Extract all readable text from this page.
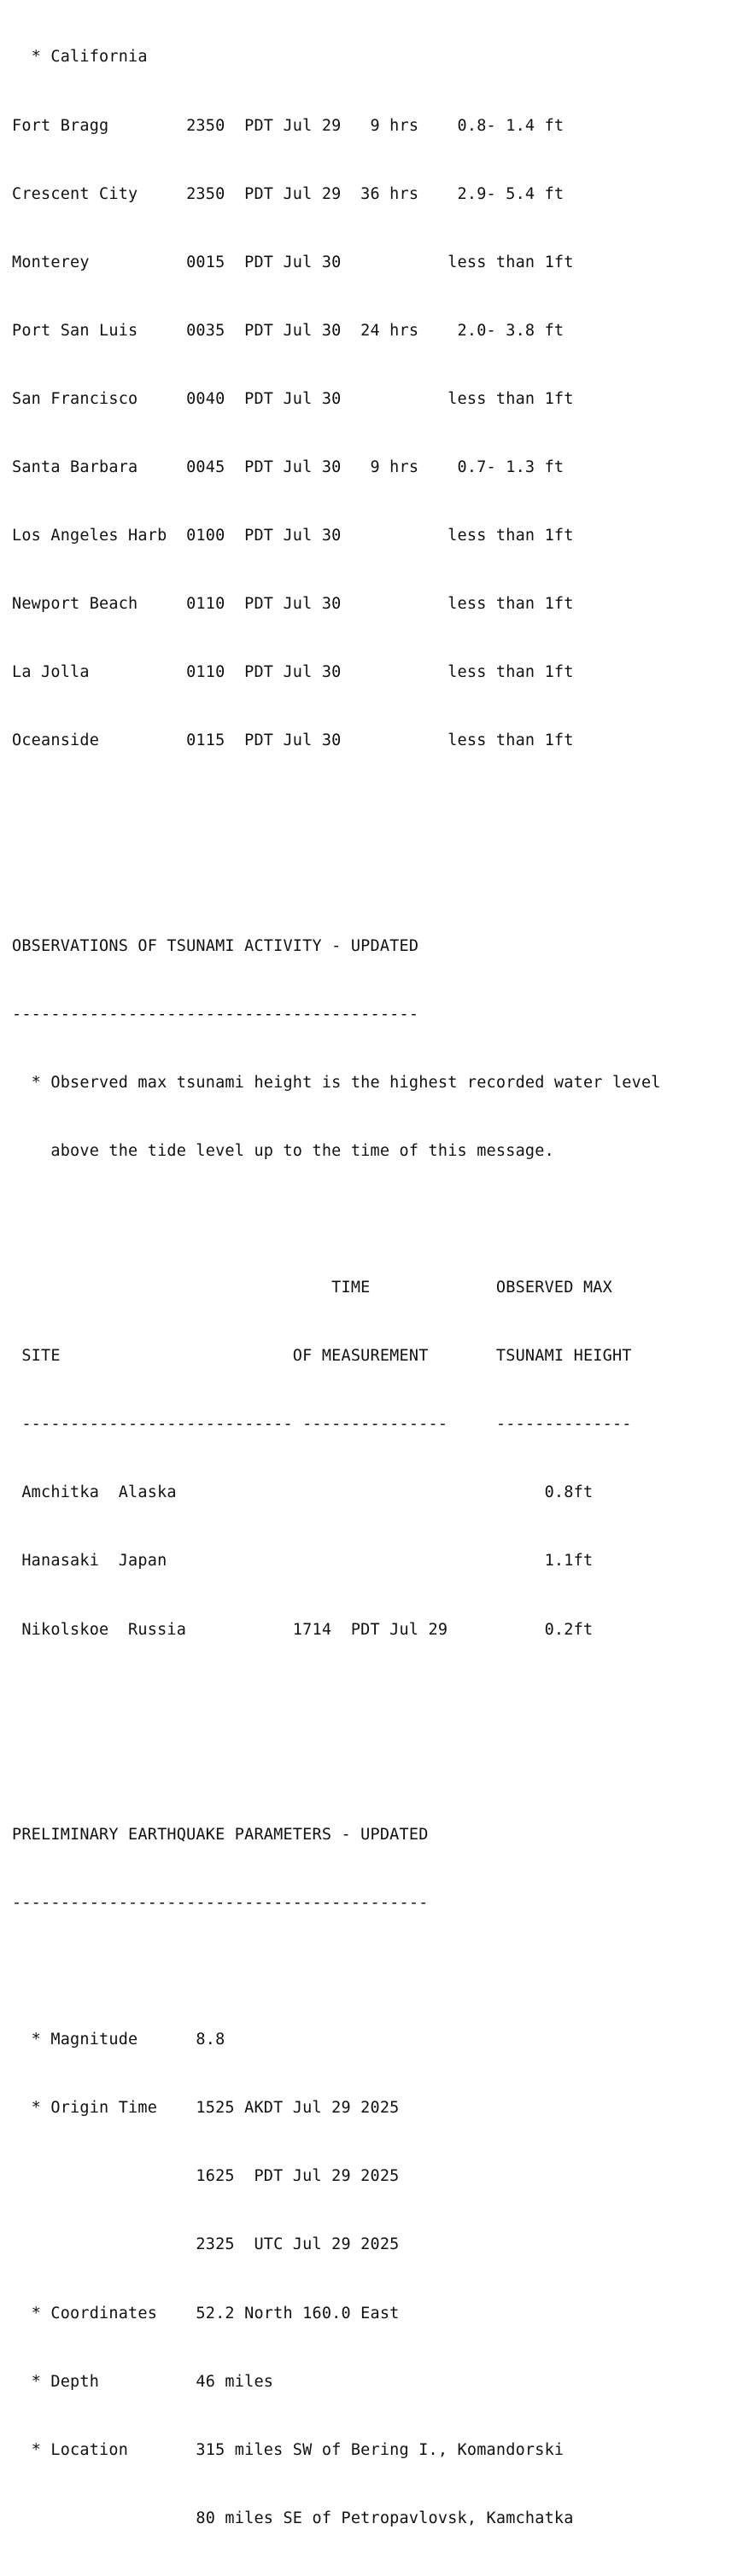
* California

Fort Bragg        2350  PDT Jul 29   9 hrs    0.8- 1.4 ft

Crescent City     2350  PDT Jul 29  36 hrs    2.9- 5.4 ft

Monterey          0015  PDT Jul 30           less than 1ft

Port San Luis     0035  PDT Jul 30  24 hrs    2.0- 3.8 ft

San Francisco     0040  PDT Jul 30           less than 1ft

Santa Barbara     0045  PDT Jul 30   9 hrs    0.7- 1.3 ft

Los Angeles Harb  0100  PDT Jul 30           less than 1ft

Newport Beach     0110  PDT Jul 30           less than 1ft

La Jolla          0110  PDT Jul 30           less than 1ft

Oceanside         0115  PDT Jul 30           less than 1ft

OBSERVATIONS OF TSUNAMI ACTIVITY - UPDATED

------------------------------------------

* Observed max tsunami height is the highest recorded water level

above the tide level up to the time of this message.

TIME             OBSERVED MAX

SITE                        OF MEASUREMENT       TSUNAMI HEIGHT

---------------------------- ---------------     --------------

Amchitka  Alaska                                      0.8ft

Hanasaki  Japan                                       1.1ft

Nikolskoe  Russia           1714  PDT Jul 29          0.2ft

PRELIMINARY EARTHQUAKE PARAMETERS - UPDATED

-------------------------------------------

* Magnitude      8.8

* Origin Time    1525 AKDT Jul 29 2025

1625  PDT Jul 29 2025

2325  UTC Jul 29 2025

* Coordinates    52.2 North 160.0 East

* Depth          46 miles

* Location       315 miles SW of Bering I., Komandorski

80 miles SE of Petropavlovsk, Kamchatka
